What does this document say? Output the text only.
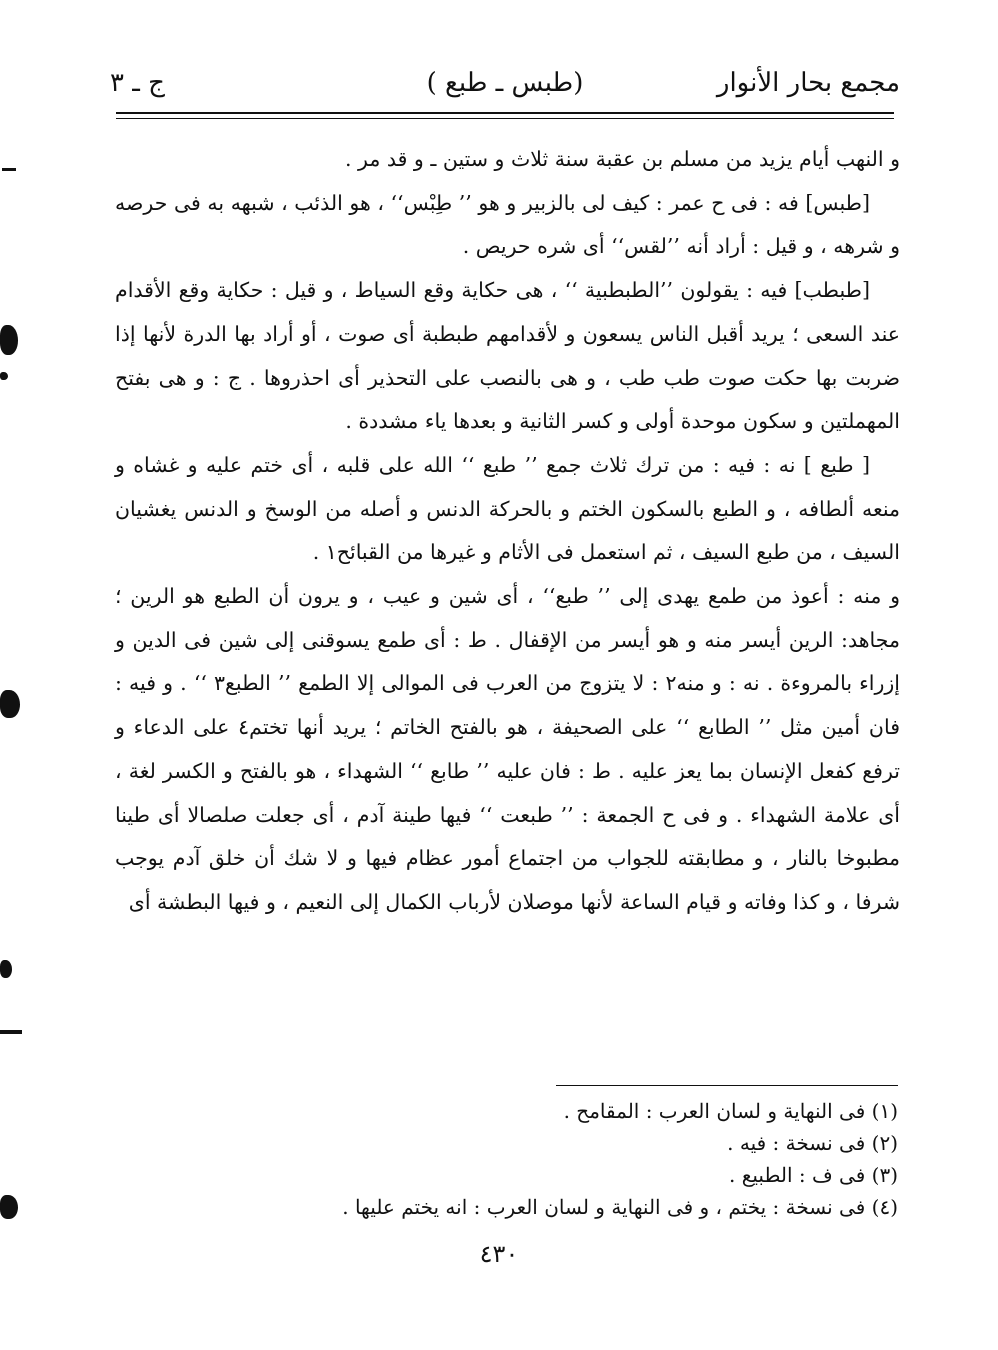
مجمع بحار الأنوار
(طبس ـ طبع )
ج ـ ٣

و النهب أيام يزيد من مسلم بن عقبة سنة ثلاث و ستين ـ و قد مر .

[طبس] فه : فى ح عمر : كيف لى بالزبير و هو ’’ طِبْس‘‘ ، هو الذئب ، شبهه به فى حرصه و شرهه ، و قيل : أراد أنه ’’لقس‘‘ أى شره حريص .

[طبطب] فيه : يقولون ’’الطبطبية ‘‘ ، هى حكاية وقع السياط ، و قيل : حكاية وقع الأقدام عند السعى ؛ يريد أقبل الناس يسعون و لأقدامهم طبطبة أى صوت ، أو أراد بها الدرة لأنها إذا ضربت بها حكت صوت طب طب ، و هى بالنصب على التحذير أى احذروها . ج : و هى بفتح المهملتين و سكون موحدة أولى و كسر الثانية و بعدها ياء مشددة .

[ طبع ] نه : فيه : من ترك ثلاث جمع ’’ طبع ‘‘ الله على قلبه ، أى ختم عليه و غشاه و منعه ألطافه ، و الطبع بالسكون الختم و بالحركة الدنس و أصله من الوسخ و الدنس يغشيان السيف ، من طبع السيف ، ثم استعمل فى الأثام و غيرها من القبائح١ .

و منه : أعوذ من طمع يهدى إلى ’’ طبع‘‘ ، أى شين و عيب ، و يرون أن الطبع هو الرين ؛ مجاهد: الرين أيسر منه و هو أيسر من الإقفال . ط : أى طمع يسوقنى إلى شين فى الدين و إزراء بالمروءة . نه : و منه٢ : لا يتزوج من العرب فى الموالى إلا الطمع ’’ الطبع٣ ‘‘ . و فيه : فان أمين مثل ’’ الطابع ‘‘ على الصحيفة ، هو بالفتح الخاتم ؛ يريد أنها تختم٤ على الدعاء و ترفع كفعل الإنسان بما يعز عليه . ط : فان عليه ’’ طابع ‘‘ الشهداء ، هو بالفتح و الكسر لغة ، أى علامة الشهداء . و فى ح الجمعة : ’’ طبعت ‘‘ فيها طينة آدم ، أى جعلت صلصالا أى طينا مطبوخا بالنار ، و مطابقته للجواب من اجتماع أمور عظام فيها و لا شك أن خلق آدم يوجب شرفا ، و كذا وفاته و قيام الساعة لأنها موصلان لأرباب الكمال إلى النعيم ، و فيها البطشة أى

(١) فى النهاية و لسان العرب : المقامح .

(٢) فى نسخة : فيه .

(٣) فى ف : الطبيع .

(٤) فى نسخة : يختم ، و فى النهاية و لسان العرب : انه يختم عليها .

٤٣٠
